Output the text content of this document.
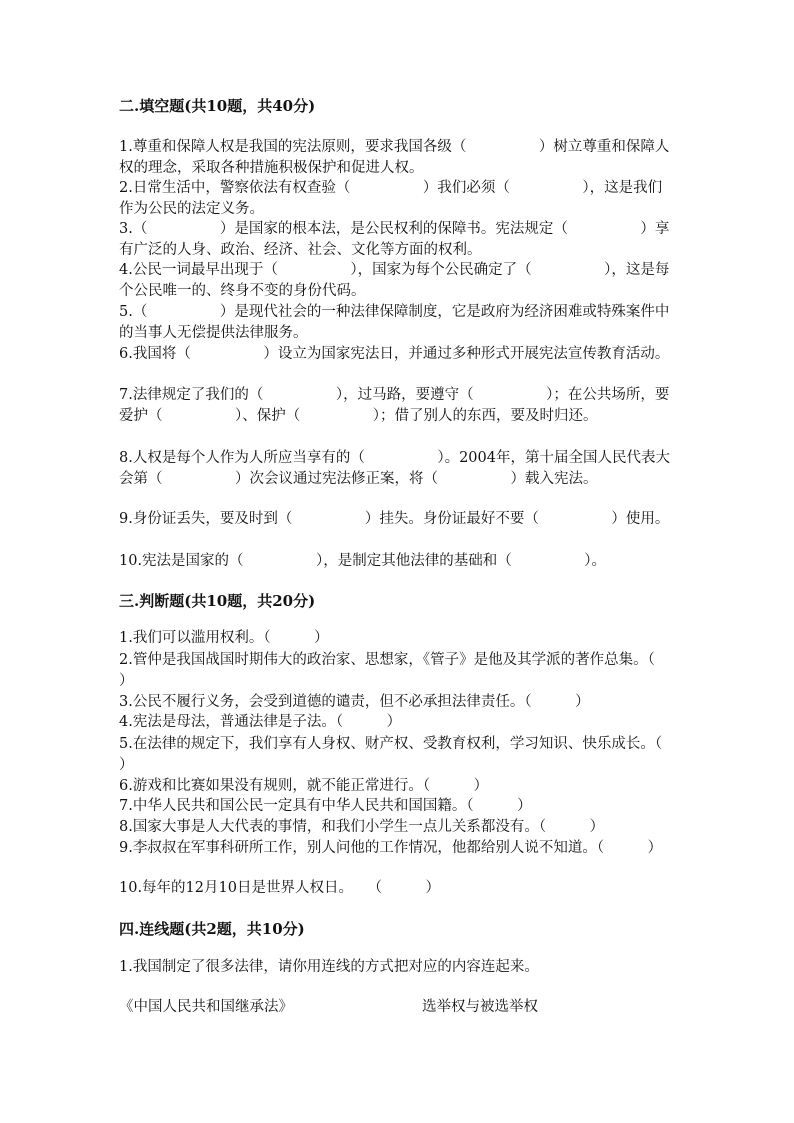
二.填空题(共10题，共40分)
1.尊重和保障人权是我国的宪法原则，要求我国各级（　　　　　）树立尊重和保障人权的理念，采取各种措施积极保护和促进人权。
2.日常生活中，警察依法有权查验（　　　　　）我们必须（　　　　　），这是我们作为公民的法定义务。
3.（　　　　　）是国家的根本法，是公民权利的保障书。宪法规定（　　　　　）享有广泛的人身、政治、经济、社会、文化等方面的权利。
4.公民一词最早出现于（　　　　　），国家为每个公民确定了（　　　　　），这是每个公民唯一的、终身不变的身份代码。
5.（　　　　　）是现代社会的一种法律保障制度，它是政府为经济困难或特殊案件中的当事人无偿提供法律服务。
6.我国将（　　　　　）设立为国家宪法日，并通过多种形式开展宪法宣传教育活动。
7.法律规定了我们的（　　　　　），过马路，要遵守（　　　　　）；在公共场所，要爱护（　　　　　）、保护（　　　　　）；借了别人的东西，要及时归还。
8.人权是每个人作为人所应当享有的（　　　　　）。2004年，第十届全国人民代表大会第（　　　　　）次会议通过宪法修正案，将（　　　　　）载入宪法。
9.身份证丢失，要及时到（　　　　　）挂失。身份证最好不要（　　　　　）使用。
10.宪法是国家的（　　　　　），是制定其他法律的基础和（　　　　　）。
三.判断题(共10题，共20分)
1.我们可以滥用权利。（　　　）
2.管仲是我国战国时期伟大的政治家、思想家，《管子》是他及其学派的著作总集。（　　　）
3.公民不履行义务，会受到道德的谴责，但不必承担法律责任。（　　　）
4.宪法是母法，普通法律是子法。（　　　）
5.在法律的规定下，我们享有人身权、财产权、受教育权利，学习知识、快乐成长。（　　　）
6.游戏和比赛如果没有规则，就不能正常进行。（　　　）
7.中华人民共和国公民一定具有中华人民共和国国籍。（　　　）
8.国家大事是人大代表的事情，和我们小学生一点儿关系都没有。（　　　）
9.李叔叔在军事科研所工作，别人问他的工作情况，他都给别人说不知道。（　　　）
10.每年的12月10日是世界人权日。　　（　　　）
四.连线题(共2题，共10分)
1.我国制定了很多法律，请你用连线的方式把对应的内容连起来。
《中国人民共和国继承法》	选举权与被选举权
